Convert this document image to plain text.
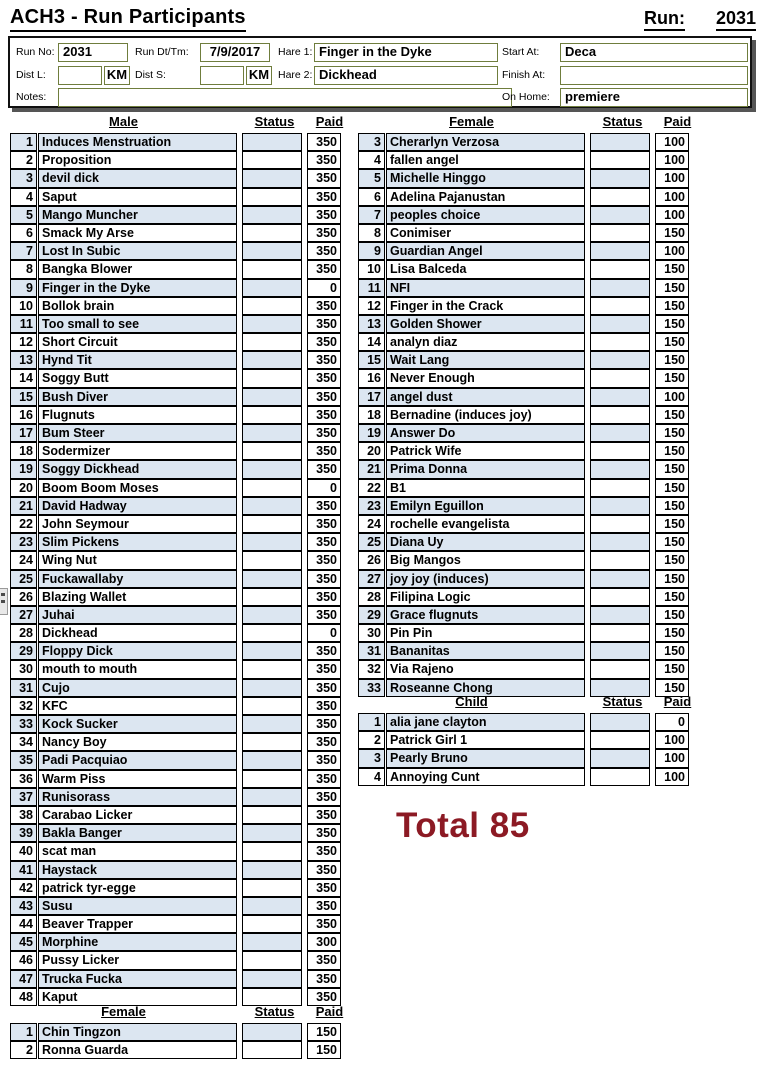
ACH3 - Run Participants	Run: 2031
Run No: 2031	Run Dt/Tm:	7/9/2017	Hare 1: Finger in the Dyke	Start At:	Deca
Dist L:	KM Dist S:	KM Hare 2: Dickhead	Finish At:
Notes:	On Home:	premiere
Male	Status	Paid
1 Induces Menstruation	350
2 Proposition	350
3 devil dick	350
4 Saput	350
5 Mango Muncher	350
6 Smack My Arse	350
7 Lost In Subic	350
8 Bangka Blower	350
9 Finger in the Dyke	0
10 Bollok brain	350
11 Too small to see	350
12 Short Circuit	350
13 Hynd Tit	350
14 Soggy Butt	350
15 Bush Diver	350
16 Flugnuts	350
17 Bum Steer	350
18 Sodermizer	350
19 Soggy Dickhead	350
20 Boom Boom Moses	0
21 David Hadway	350
22 John Seymour	350
23 Slim Pickens	350
24 Wing Nut	350
25 Fuckawallaby	350
26 Blazing Wallet	350
27 Juhai	350
28 Dickhead	0
29 Floppy Dick	350
30 mouth to mouth	350
31 Cujo	350
32 KFC	350
33 Kock Sucker	350
34 Nancy Boy	350
35 Padi Pacquiao	350
36 Warm Piss	350
37 Runisorass	350
38 Carabao Licker	350
39 Bakla Banger	350
40 scat man	350
41 Haystack	350
42 patrick tyr-egge	350
43 Susu	350
44 Beaver Trapper	350
45 Morphine	300
46 Pussy Licker	350
47 Trucka Fucka	350
48 Kaput	350
Female	Status	Paid
1 Chin Tingzon	150
2 Ronna Guarda	150
Female	Status	Paid
3 Cherarlyn Verzosa	100
4 fallen angel	100
5 Michelle Hinggo	100
6 Adelina Pajanustan	100
7 peoples choice	100
8 Conimiser	150
9 Guardian Angel	100
10 Lisa Balceda	150
11 NFI	150
12 Finger in the Crack	150
13 Golden Shower	150
14 analyn diaz	150
15 Wait Lang	150
16 Never Enough	150
17 angel dust	100
18 Bernadine (induces joy)	150
19 Answer Do	150
20 Patrick Wife	150
21 Prima Donna	150
22 B1	150
23 Emilyn Eguillon	150
24 rochelle evangelista	150
25 Diana Uy	150
26 Big Mangos	150
27 joy joy (induces)	150
28 Filipina Logic	150
29 Grace flugnuts	150
30 Pin Pin	150
31 Bananitas	150
32 Via Rajeno	150
33 Roseanne Chong	150
Child	Status	Paid
1 alia jane clayton	0
2 Patrick Girl 1	100
3 Pearly Bruno	100
4 Annoying Cunt	100
Total 85
